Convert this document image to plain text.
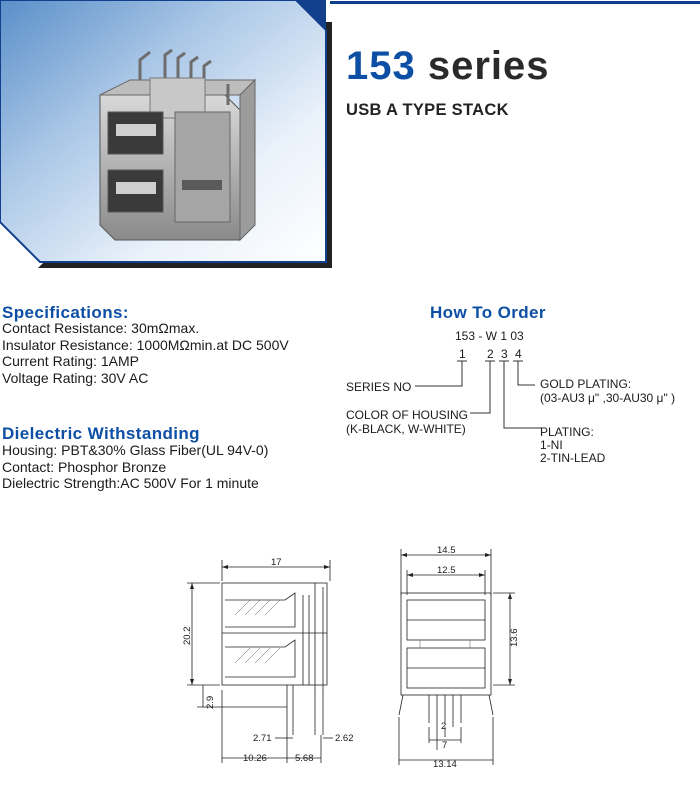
153 series
USB A TYPE STACK
Specifications:
Contact Resistance: 30mΩmax.
Insulator Resistance: 1000MΩmin.at DC 500V
Current Rating: 1AMP
Voltage Rating: 30V AC
Dielectric Withstanding
Housing: PBT&30% Glass Fiber(UL 94V-0)
Contact: Phosphor Bronze
Dielectric Strength:AC 500V For 1 minute
How To Order
153 - W 1 03
1 2 3 4
SERIES NO
COLOR OF HOUSING
(K-BLACK, W-WHITE)
GOLD PLATING:
(03-AU3 μ" ,30-AU30 μ" )
PLATING:
1-NI
2-TIN-LEAD
17
20.2
2.9
2.71	2.62
10.26	5.68
14.5
12.5
13.6
2
7
13.14
